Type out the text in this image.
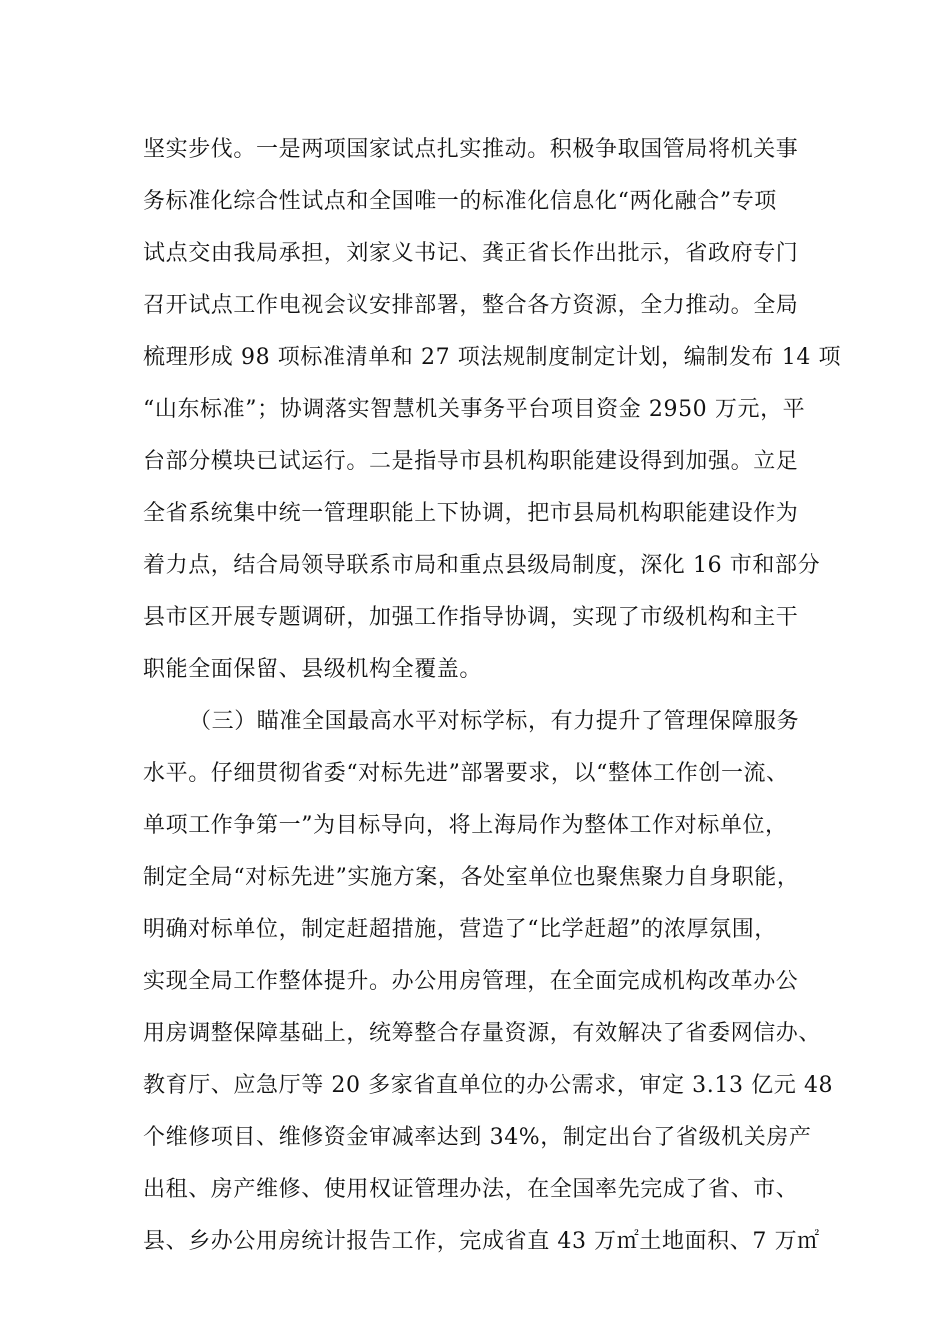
坚实步伐。一是两项国家试点扎实推动。积极争取国管局将机关事
务标准化综合性试点和全国唯一的标准化信息化“两化融合”专项
试点交由我局承担，刘家义书记、龚正省长作出批示，省政府专门
召开试点工作电视会议安排部署，整合各方资源，全力推动。全局
梳理形成 98 项标准清单和 27 项法规制度制定计划，编制发布 14 项
“山东标准”；协调落实智慧机关事务平台项目资金 2950 万元，平
台部分模块已试运行。二是指导市县机构职能建设得到加强。立足
全省系统集中统一管理职能上下协调，把市县局机构职能建设作为
着力点，结合局领导联系市局和重点县级局制度，深化 16 市和部分
县市区开展专题调研，加强工作指导协调，实现了市级机构和主干
职能全面保留、县级机构全覆盖。
（三）瞄准全国最高水平对标学标，有力提升了管理保障服务
水平。仔细贯彻省委“对标先进”部署要求，以“整体工作创一流、
单项工作争第一”为目标导向，将上海局作为整体工作对标单位，
制定全局“对标先进”实施方案，各处室单位也聚焦聚力自身职能，
明确对标单位，制定赶超措施，营造了“比学赶超”的浓厚氛围，
实现全局工作整体提升。办公用房管理，在全面完成机构改革办公
用房调整保障基础上，统筹整合存量资源，有效解决了省委网信办、
教育厅、应急厅等 20 多家省直单位的办公需求，审定 3.13 亿元 48
个维修项目、维修资金审减率达到 34%，制定出台了省级机关房产
出租、房产维修、使用权证管理办法，在全国率先完成了省、市、
县、乡办公用房统计报告工作，完成省直 43 万㎡土地面积、7 万㎡
